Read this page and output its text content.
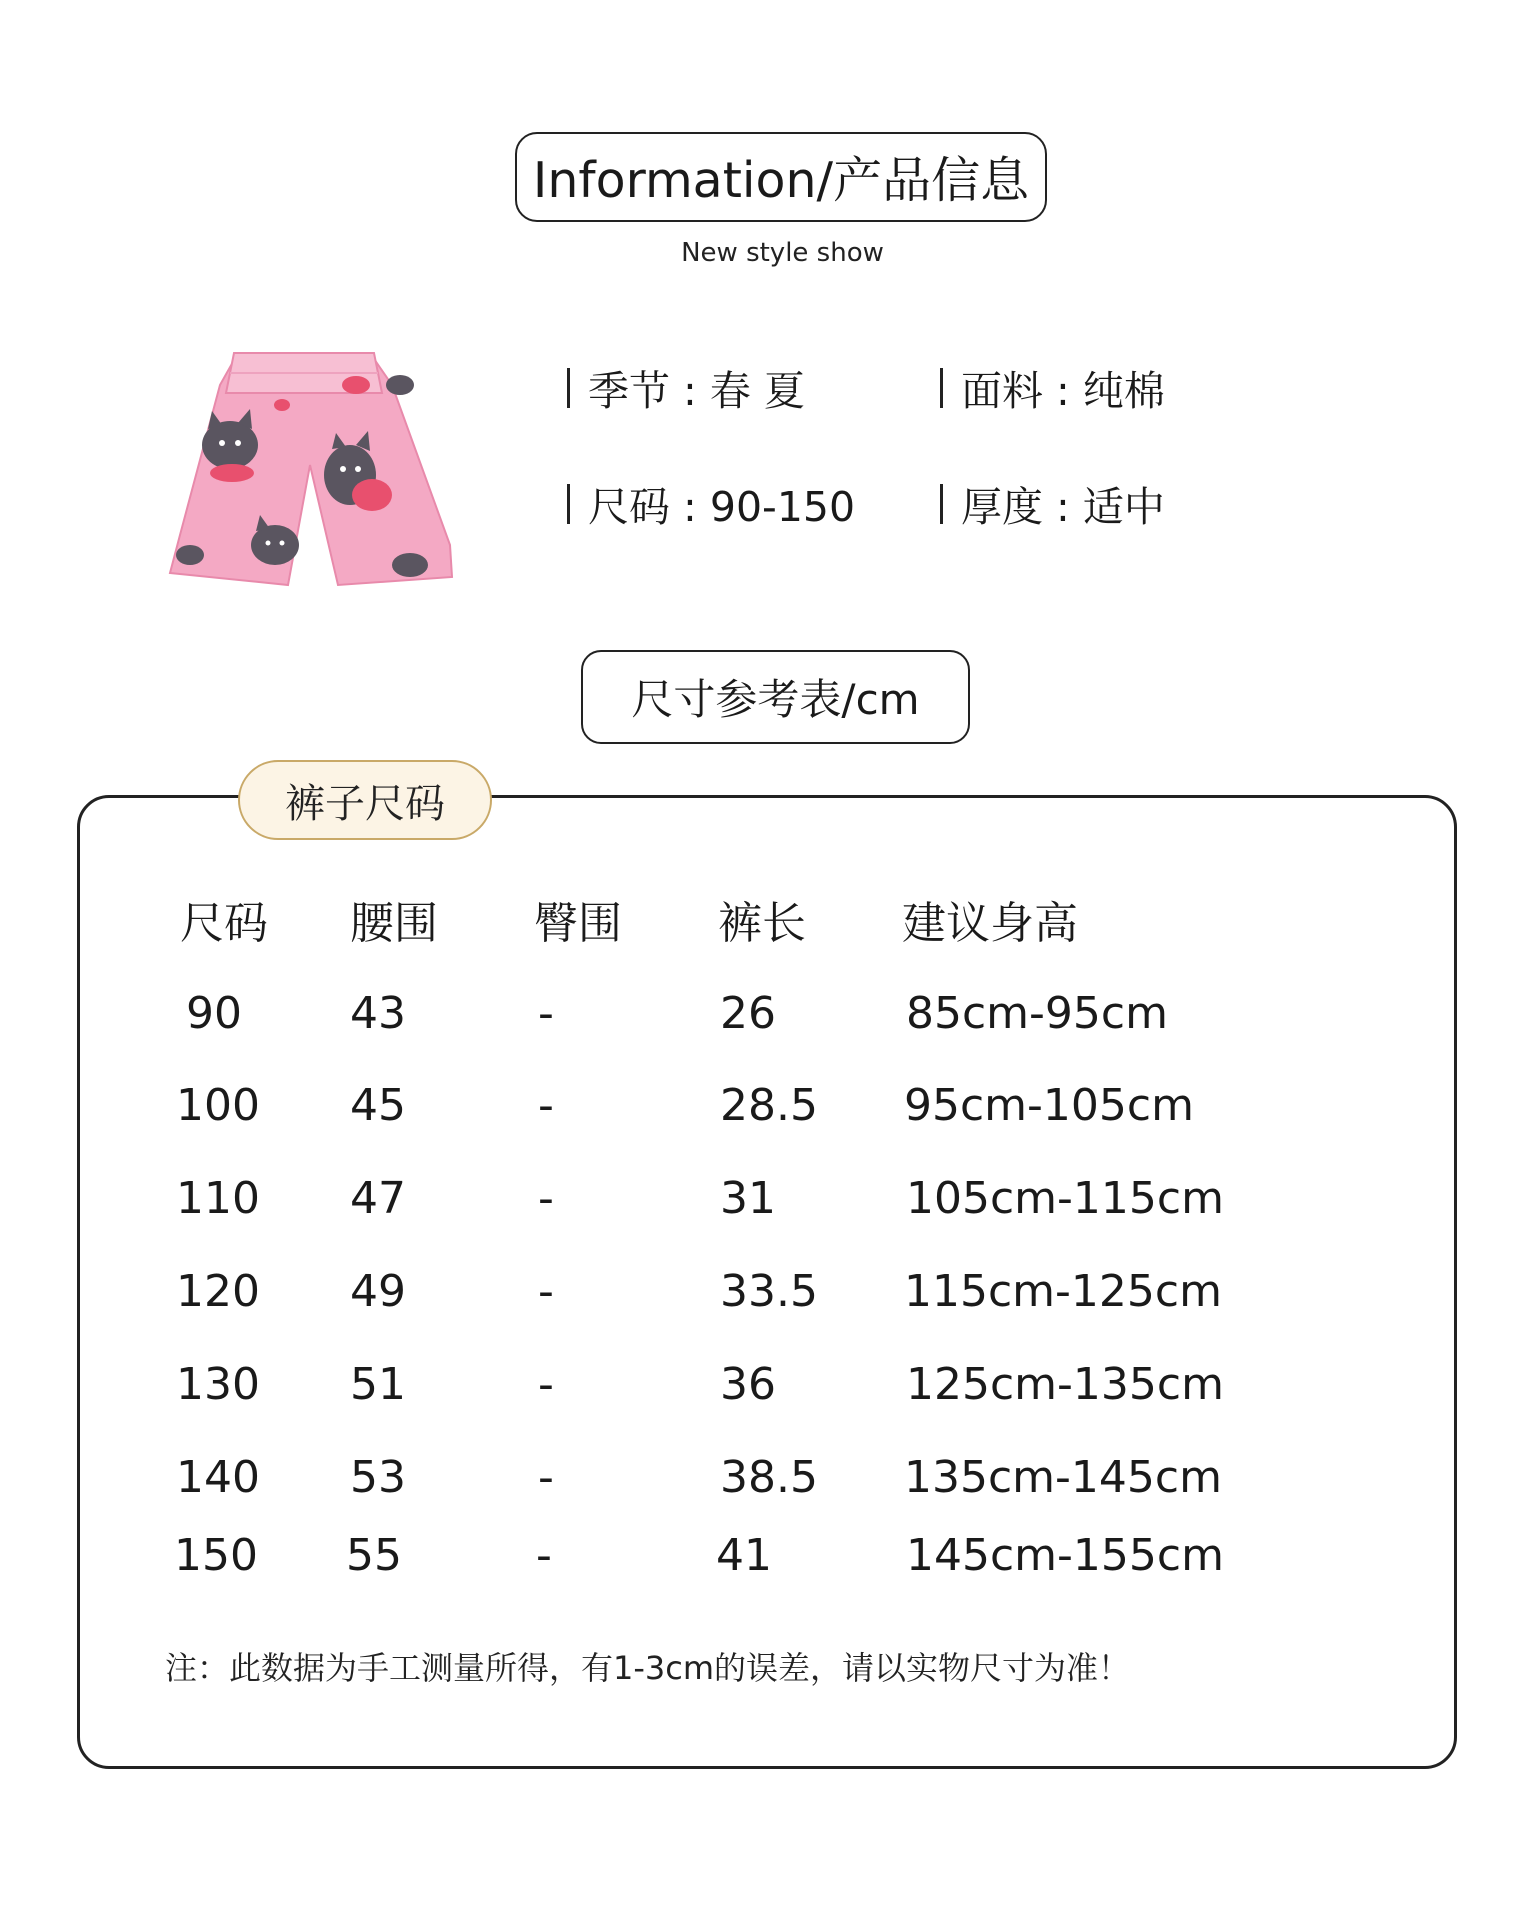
Information/产品信息
New style show
季节 : 春 夏	面料 : 纯棉
尺码 : 90-150	厚度 : 适中
尺寸参考表/cm
裤子尺码
尺码 腰围 臀围 裤长 建议身高
90 43	-	26	85cm-95cm
100 45	-	28.5 95cm-105cm
110 47	-	31	105cm-115cm
120 49	-	33.5 115cm-125cm
130 51	-	36	125cm-135cm
140 53	-	38.5 135cm-145cm
150 55	-	41	145cm-155cm
注：此数据为手工测量所得，有1-3cm的误差，请以实物尺寸为准！
